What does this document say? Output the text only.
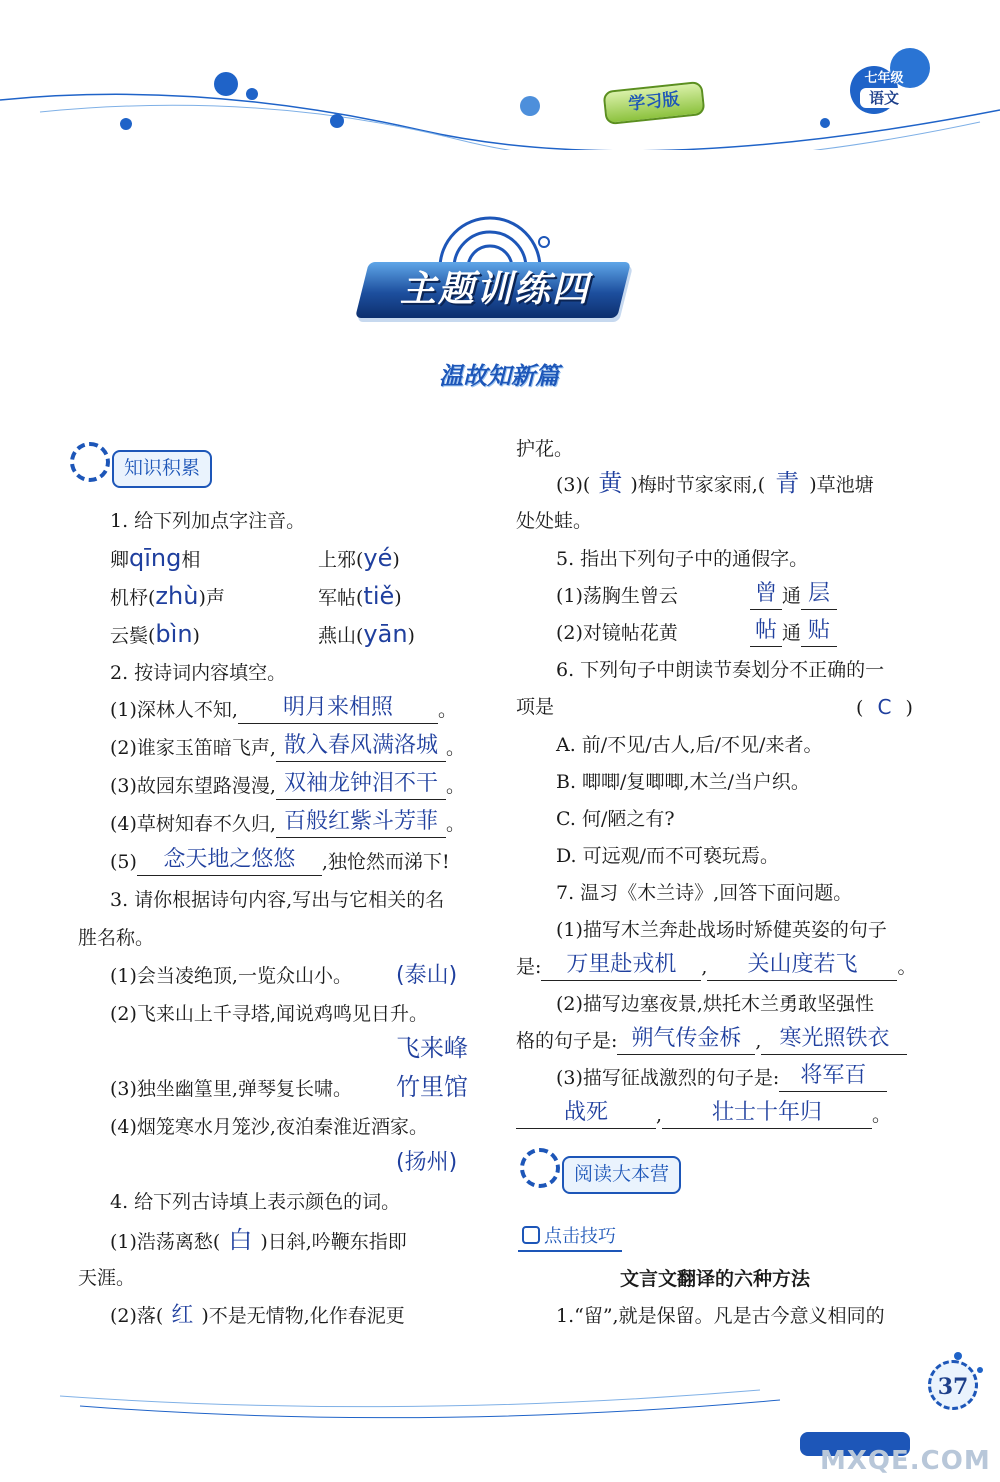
学习版
七年级
语文
主题训练四
温故知新篇
知识积累
1. 给下列加点字注音。
卿qīng相	上邪(yé)
机杼(zhù)声	军帖(tiě)
云鬓(bìn)	燕山(yān)
2. 按诗词内容填空。
(1)深林人不知, 明月来相照 。
(2)谁家玉笛暗飞声, 散入春风满洛城 。
(3)故园东望路漫漫, 双袖龙钟泪不干 。
(4)草树知春不久归, 百般红紫斗芳菲 。
(5) 念天地之悠悠 ,独怆然而涕下!
3. 请你根据诗句内容,写出与它相关的名
胜名称。
(1)会当凌绝顶,一览众山小。 (泰山)
(2)飞来山上千寻塔,闻说鸡鸣见日升。
飞来峰
(3)独坐幽篁里,弹琴复长啸。 竹里馆
(4)烟笼寒水月笼沙,夜泊秦淮近酒家。
(扬州)
4. 给下列古诗填上表示颜色的词。
(1)浩荡离愁( 白 )日斜,吟鞭东指即
天涯。
(2)落( 红 )不是无情物,化作春泥更
护花。
(3)( 黄 )梅时节家家雨,( 青 )草池塘
处处蛙。
5. 指出下列句子中的通假字。
(1)荡胸生曾云	曾 通 层
(2)对镜帖花黄	帖 通 贴
6. 下列句子中朗读节奏划分不正确的一
项是	( C )
A. 前/不见/古人,后/不见/来者。
B. 唧唧/复唧唧,木兰/当户织。
C. 何/陋之有?
D. 可远观/而不可亵玩焉。
7. 温习《木兰诗》,回答下面问题。
(1)描写木兰奔赴战场时矫健英姿的句子
是: 万里赴戎机 , 关山度若飞 。
(2)描写边塞夜景,烘托木兰勇敢坚强性
格的句子是: 朔气传金柝 , 寒光照铁衣
(3)描写征战激烈的句子是: 将军百
战死	, 壮士十年归	。
阅读大本营
点击技巧
文言文翻译的六种方法
1.“留”,就是保留。凡是古今意义相同的
37
MXQE.COM
